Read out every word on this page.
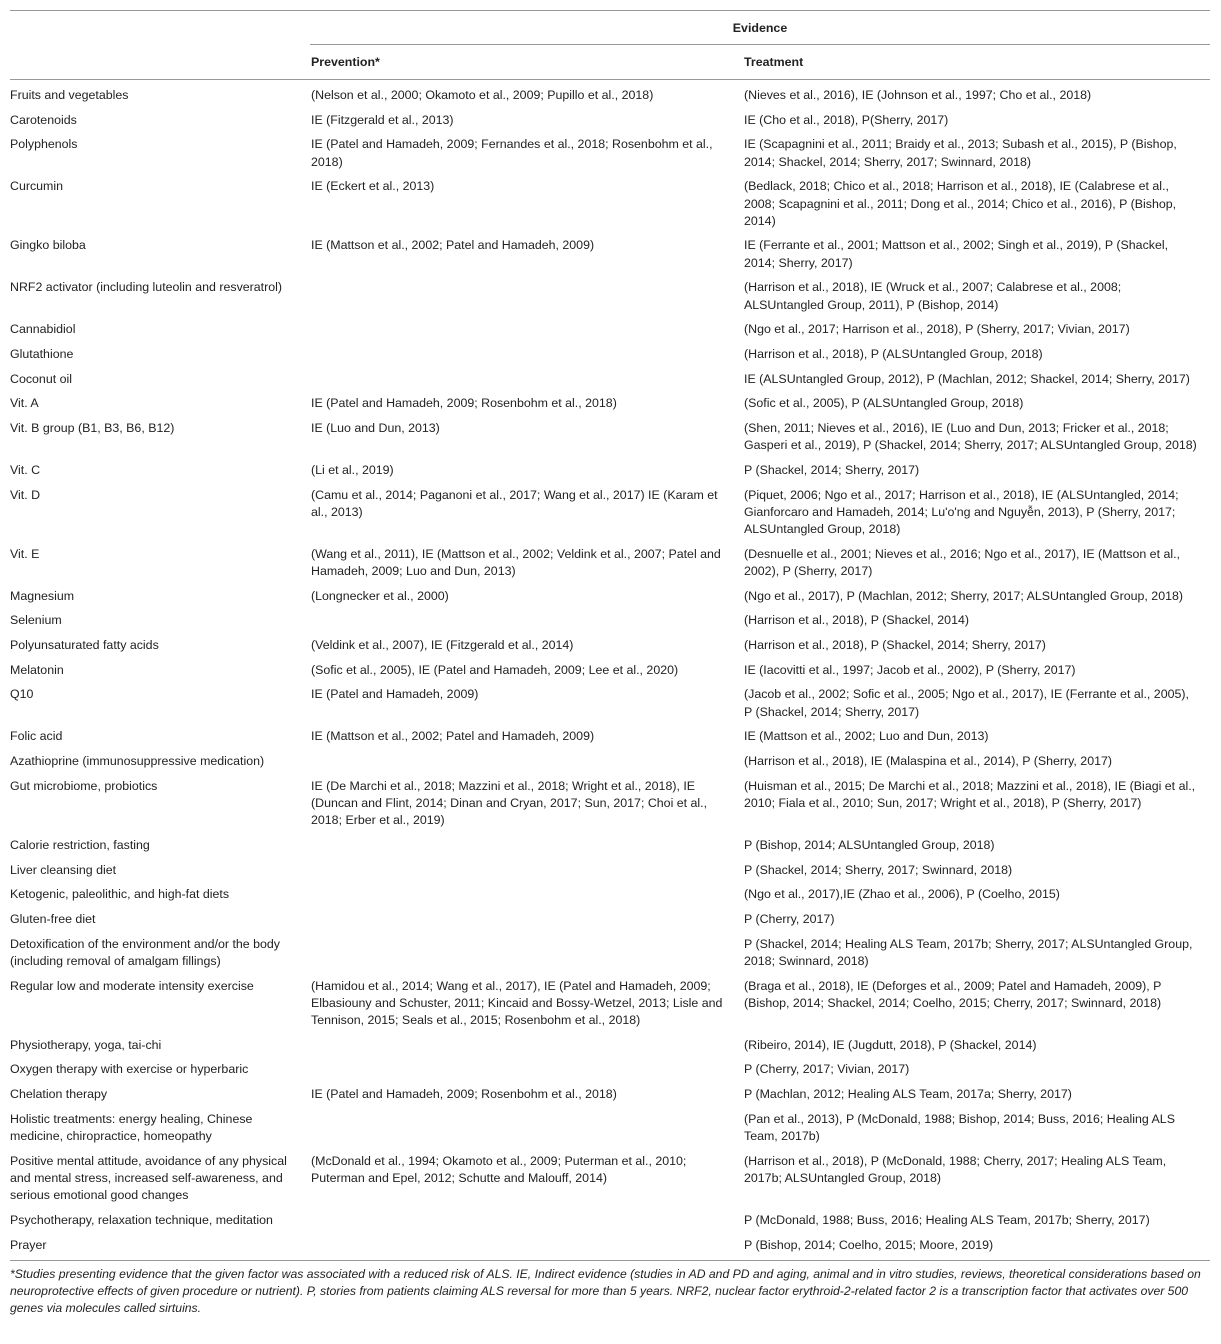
	Evidence	
	Prevention*	Treatment
Fruits and vegetables	(Nelson et al., 2000; Okamoto et al., 2009; Pupillo et al., 2018)	(Nieves et al., 2016), IE (Johnson et al., 1997; Cho et al., 2018)
Carotenoids	IE (Fitzgerald et al., 2013)	IE (Cho et al., 2018), P(Sherry, 2017)
Polyphenols	IE (Patel and Hamadeh, 2009; Fernandes et al., 2018; Rosenbohm et al., 2018)	IE (Scapagnini et al., 2011; Braidy et al., 2013; Subash et al., 2015), P (Bishop, 2014; Shackel, 2014; Sherry, 2017; Swinnard, 2018)
Curcumin	IE (Eckert et al., 2013)	(Bedlack, 2018; Chico et al., 2018; Harrison et al., 2018), IE (Calabrese et al., 2008; Scapagnini et al., 2011; Dong et al., 2014; Chico et al., 2016), P (Bishop, 2014)
Gingko biloba	IE (Mattson et al., 2002; Patel and Hamadeh, 2009)	IE (Ferrante et al., 2001; Mattson et al., 2002; Singh et al., 2019), P (Shackel, 2014; Sherry, 2017)
NRF2 activator (including luteolin and resveratrol)		(Harrison et al., 2018), IE (Wruck et al., 2007; Calabrese et al., 2008; ALSUntangled Group, 2011), P (Bishop, 2014)
Cannabidiol		(Ngo et al., 2017; Harrison et al., 2018), P (Sherry, 2017; Vivian, 2017)
Glutathione		(Harrison et al., 2018), P (ALSUntangled Group, 2018)
Coconut oil		IE (ALSUntangled Group, 2012), P (Machlan, 2012; Shackel, 2014; Sherry, 2017)
Vit. A	IE (Patel and Hamadeh, 2009; Rosenbohm et al., 2018)	(Sofic et al., 2005), P (ALSUntangled Group, 2018)
Vit. B group (B1, B3, B6, B12)	IE (Luo and Dun, 2013)	(Shen, 2011; Nieves et al., 2016), IE (Luo and Dun, 2013; Fricker et al., 2018; Gasperi et al., 2019), P (Shackel, 2014; Sherry, 2017; ALSUntangled Group, 2018)
Vit. C	(Li et al., 2019)	P (Shackel, 2014; Sherry, 2017)
Vit. D	(Camu et al., 2014; Paganoni et al., 2017; Wang et al., 2017) IE (Karam et al., 2013)	(Piquet, 2006; Ngo et al., 2017; Harrison et al., 2018), IE (ALSUntangled, 2014; Gianforcaro and Hamadeh, 2014; Lu'o'ng and Nguyễn, 2013), P (Sherry, 2017; ALSUntangled Group, 2018)
Vit. E	(Wang et al., 2011), IE (Mattson et al., 2002; Veldink et al., 2007; Patel and Hamadeh, 2009; Luo and Dun, 2013)	(Desnuelle et al., 2001; Nieves et al., 2016; Ngo et al., 2017), IE (Mattson et al., 2002), P (Sherry, 2017)
Magnesium	(Longnecker et al., 2000)	(Ngo et al., 2017), P (Machlan, 2012; Sherry, 2017; ALSUntangled Group, 2018)
Selenium		(Harrison et al., 2018), P (Shackel, 2014)
Polyunsaturated fatty acids	(Veldink et al., 2007), IE (Fitzgerald et al., 2014)	(Harrison et al., 2018), P (Shackel, 2014; Sherry, 2017)
Melatonin	(Sofic et al., 2005), IE (Patel and Hamadeh, 2009; Lee et al., 2020)	IE (Iacovitti et al., 1997; Jacob et al., 2002), P (Sherry, 2017)
Q10	IE (Patel and Hamadeh, 2009)	(Jacob et al., 2002; Sofic et al., 2005; Ngo et al., 2017), IE (Ferrante et al., 2005), P (Shackel, 2014; Sherry, 2017)
Folic acid	IE (Mattson et al., 2002; Patel and Hamadeh, 2009)	IE (Mattson et al., 2002; Luo and Dun, 2013)
Azathioprine (immunosuppressive medication)		(Harrison et al., 2018), IE (Malaspina et al., 2014), P (Sherry, 2017)
Gut microbiome, probiotics	IE (De Marchi et al., 2018; Mazzini et al., 2018; Wright et al., 2018), IE (Duncan and Flint, 2014; Dinan and Cryan, 2017; Sun, 2017; Choi et al., 2018; Erber et al., 2019)	(Huisman et al., 2015; De Marchi et al., 2018; Mazzini et al., 2018), IE (Biagi et al., 2010; Fiala et al., 2010; Sun, 2017; Wright et al., 2018), P (Sherry, 2017)
Calorie restriction, fasting		P (Bishop, 2014; ALSUntangled Group, 2018)
Liver cleansing diet		P (Shackel, 2014; Sherry, 2017; Swinnard, 2018)
Ketogenic, paleolithic, and high-fat diets		(Ngo et al., 2017),IE (Zhao et al., 2006), P (Coelho, 2015)
Gluten-free diet		P (Cherry, 2017)
Detoxification of the environment and/or the body (including removal of amalgam fillings)		P (Shackel, 2014; Healing ALS Team, 2017b; Sherry, 2017; ALSUntangled Group, 2018; Swinnard, 2018)
Regular low and moderate intensity exercise	(Hamidou et al., 2014; Wang et al., 2017), IE (Patel and Hamadeh, 2009; Elbasiouny and Schuster, 2011; Kincaid and Bossy-Wetzel, 2013; Lisle and Tennison, 2015; Seals et al., 2015; Rosenbohm et al., 2018)	(Braga et al., 2018), IE (Deforges et al., 2009; Patel and Hamadeh, 2009), P (Bishop, 2014; Shackel, 2014; Coelho, 2015; Cherry, 2017; Swinnard, 2018)
Physiotherapy, yoga, tai-chi		(Ribeiro, 2014), IE (Jugdutt, 2018), P (Shackel, 2014)
Oxygen therapy with exercise or hyperbaric		P (Cherry, 2017; Vivian, 2017)
Chelation therapy	IE (Patel and Hamadeh, 2009; Rosenbohm et al., 2018)	P (Machlan, 2012; Healing ALS Team, 2017a; Sherry, 2017)
Holistic treatments: energy healing, Chinese medicine, chiropractice, homeopathy		(Pan et al., 2013), P (McDonald, 1988; Bishop, 2014; Buss, 2016; Healing ALS Team, 2017b)
Positive mental attitude, avoidance of any physical and mental stress, increased self-awareness, and serious emotional good changes	(McDonald et al., 1994; Okamoto et al., 2009; Puterman et al., 2010; Puterman and Epel, 2012; Schutte and Malouff, 2014)	(Harrison et al., 2018), P (McDonald, 1988; Cherry, 2017; Healing ALS Team, 2017b; ALSUntangled Group, 2018)
Psychotherapy, relaxation technique, meditation		P (McDonald, 1988; Buss, 2016; Healing ALS Team, 2017b; Sherry, 2017)
Prayer		P (Bishop, 2014; Coelho, 2015; Moore, 2019)
*Studies presenting evidence that the given factor was associated with a reduced risk of ALS. IE, Indirect evidence (studies in AD and PD and aging, animal and in vitro studies, reviews, theoretical considerations based on neuroprotective effects of given procedure or nutrient). P, stories from patients claiming ALS reversal for more than 5 years. NRF2, nuclear factor erythroid-2-related factor 2 is a transcription factor that activates over 500 genes via molecules called sirtuins.
